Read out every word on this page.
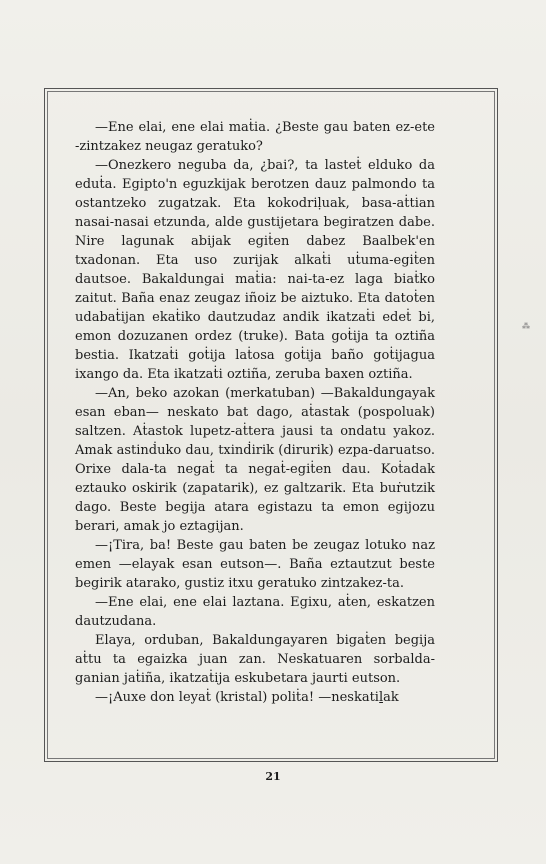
—Ene elai, ene elai maṫia. ¿Beste gau baten ez-ete -zintzakez neugaz geratuko?

—Onezkero neguba da, ¿bai?, ta lasteṫ elduko da eduṫa. Egipto'n eguzkijak berotzen dauz palmondo ta ostantzeko zugatzak. Eta kokodriḷuak, basa-aṫtian nasai-nasai etzunda, alde gustijetara begiratzen dabe. Nire lagunak abijak egiṫen dabez Baalbek'en txadonan. Eta uso zurijak alkaṫi uṫuma-egiṫen dautsoe. Bakaldungai maṫia: nai-ta-ez laga biaṫko zaitut. Baña enaz zeugaz iñoiz be aiztuko. Eta datoṫen udabaṫijan ekaṫiko dautzudaz andik ikatzaṫi edeṫ bi, emon dozuzanen ordez (truke). Bata goṫija ta oztiña bestia. Ikatzaṫi goṫija laṫosa goṫija baño goṫijagua ixango da. Eta ikatzaṫi oztiña, zeruba baxen oztiña.

—An, beko azokan (merkatuban) —Bakaldungayak esan eban— neskato bat dago, aṫastak (pospoluak) saltzen. Aṫastok lupetz-aṫtera jausi ta ondatu yakoz. Amak astinḋuko dau, txinḋirik (dirurik) ezpa-daruatso. Orixe dala-ta negaṫ ta negaṫ-egiṫen dau. Koṫadak eztauko oskirik (zapatarik), ez galtzarik. Eta buṙutzik dago. Beste begija atara egistazu ta emon egijozu berari, amak jo eztagijan.

—¡Tira, ba! Beste gau baten be zeugaz lotuko naz emen —elayak esan eutson—. Baña eztautzut beste begirik atarako, gustiz itxu geratuko zintzakez-ta.

—Ene elai, ene elai laztana. Egixu, aṫen, eskatzen dautzudana.

Elaya, orduban, Bakaldungayaren bigaṫen begija aṫtu ta egaizka juan zan. Neskatuaren sorbalda-ganian jaṫiña, ikatzaṫija eskubetara jaurti eutson.

—¡Auxe don leyaṫ (kristal) poliṫa! —neskatiḻak

21
⁂
